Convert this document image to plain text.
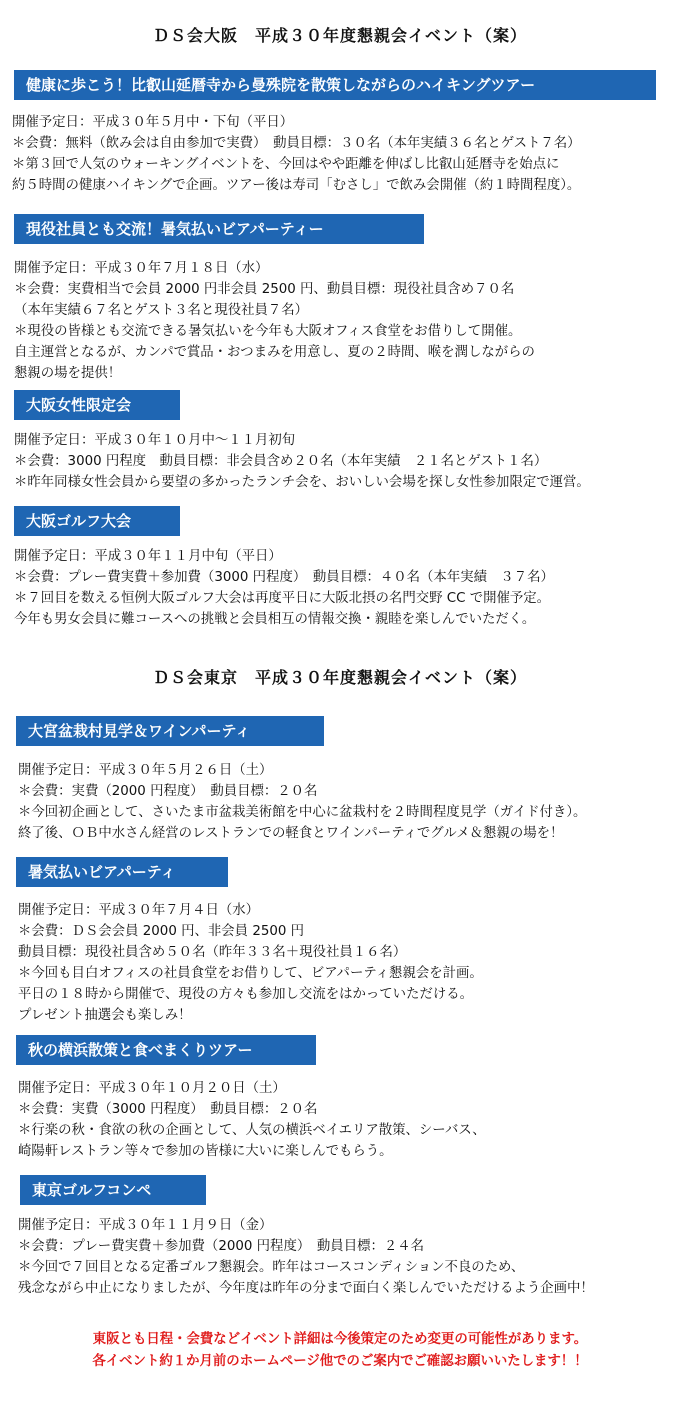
ＤＳ会大阪　平成３０年度懇親会イベント（案）
健康に歩こう！比叡山延暦寺から曼殊院を散策しながらのハイキングツアー
開催予定日：平成３０年５月中・下旬（平日）
＊会費：無料（飲み会は自由参加で実費）　動員目標：３０名（本年実績３６名とゲスト７名）
＊第３回で人気のウォーキングイベントを、今回はやや距離を伸ばし比叡山延暦寺を始点に
約５時間の健康ハイキングで企画。ツアー後は寿司「むさし」で飲み会開催（約１時間程度）。
現役社員とも交流！暑気払いビアパーティー
開催予定日：平成３０年７月１８日（水）
＊会費：実費相当で会員 2000 円非会員 2500 円、動員目標：現役社員含め７０名
（本年実績６７名とゲスト３名と現役社員７名）
＊現役の皆様とも交流できる暑気払いを今年も大阪オフィス食堂をお借りして開催。
自主運営となるが、カンパで賞品・おつまみを用意し、夏の２時間、喉を潤しながらの
懇親の場を提供！
大阪女性限定会
開催予定日：平成３０年１０月中〜１１月初旬
＊会費：3000 円程度　動員目標：非会員含め２０名（本年実績　２１名とゲスト１名）
＊昨年同様女性会員から要望の多かったランチ会を、おいしい会場を探し女性参加限定で運営。
大阪ゴルフ大会
開催予定日：平成３０年１１月中旬（平日）
＊会費：プレー費実費＋参加費（3000 円程度）　動員目標：４０名（本年実績　３７名）
＊７回目を数える恒例大阪ゴルフ大会は再度平日に大阪北摂の名門交野 CC で開催予定。
今年も男女会員に難コースへの挑戦と会員相互の情報交換・親睦を楽しんでいただく。
ＤＳ会東京　平成３０年度懇親会イベント（案）
大宮盆栽村見学＆ワインパーティ
開催予定日：平成３０年５月２６日（土）
＊会費：実費（2000 円程度）　動員目標：２０名
＊今回初企画として、さいたま市盆栽美術館を中心に盆栽村を２時間程度見学（ガイド付き）。
終了後、ＯＢ中水さん経営のレストランでの軽食とワインパーティでグルメ＆懇親の場を！
暑気払いビアパーティ
開催予定日：平成３０年７月４日（水）
＊会費：ＤＳ会会員 2000 円、非会員 2500 円
動員目標：現役社員含め５０名（昨年３３名＋現役社員１６名）
＊今回も目白オフィスの社員食堂をお借りして、ビアパーティ懇親会を計画。
平日の１８時から開催で、現役の方々も参加し交流をはかっていただける。
プレゼント抽選会も楽しみ！
秋の横浜散策と食べまくりツアー
開催予定日：平成３０年１０月２０日（土）
＊会費：実費（3000 円程度）　動員目標：２０名
＊行楽の秋・食欲の秋の企画として、人気の横浜ベイエリア散策、シーバス、
崎陽軒レストラン等々で参加の皆様に大いに楽しんでもらう。
東京ゴルフコンペ
開催予定日：平成３０年１１月９日（金）
＊会費：プレー費実費＋参加費（2000 円程度）　動員目標：２４名
＊今回で７回目となる定番ゴルフ懇親会。昨年はコースコンディション不良のため、
残念ながら中止になりましたが、今年度は昨年の分まで面白く楽しんでいただけるよう企画中！
東阪とも日程・会費などイベント詳細は今後策定のため変更の可能性があります。
各イベント約１か月前のホームページ他でのご案内でご確認お願いいたします！！
